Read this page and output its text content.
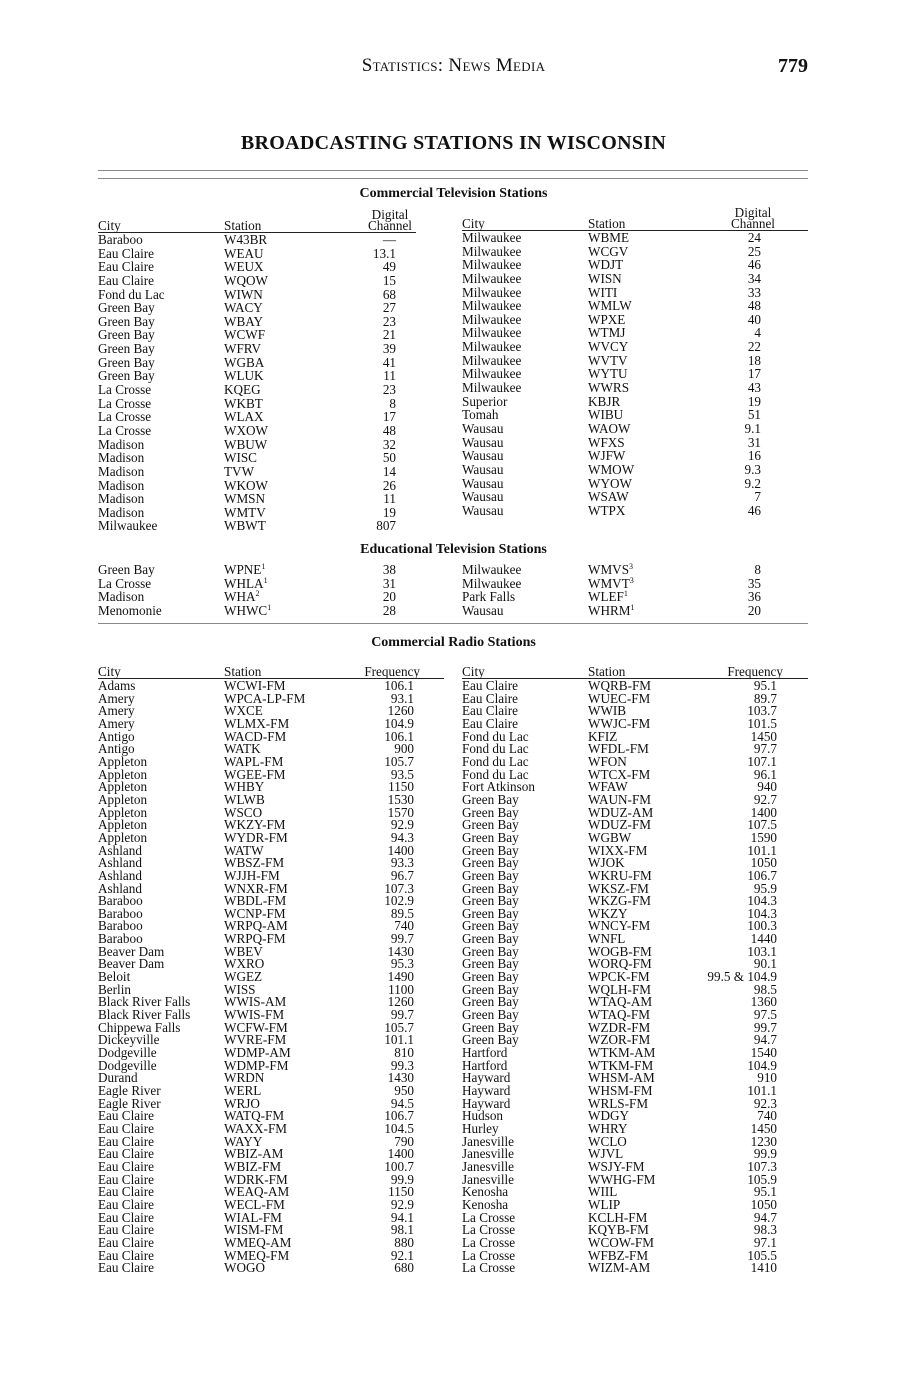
Statistics: News Media	779
BROADCASTING STATIONS IN WISCONSIN
Commercial Television Stations
City	Station
Digital
Channel	City	Station
Digital
Channel
Baraboo	W43BR	—
Eau Claire	WEAU	13.1
Eau Claire	WEUX	49
Eau Claire	WQOW	15
Fond du Lac	WIWN	68
Green Bay	WACY	27
Green Bay	WBAY	23
Green Bay	WCWF	21
Green Bay	WFRV	39
Green Bay	WGBA	41
Green Bay	WLUK	11
La Crosse	KQEG	23
La Crosse	WKBT	8
La Crosse	WLAX	17
La Crosse	WXOW	48
Madison	WBUW	32
Madison	WISC	50
Madison	TVW	14
Madison	WKOW	26
Madison	WMSN	11
Madison	WMTV	19
Milwaukee	WBWT	807
Milwaukee	WBME	24
Milwaukee	WCGV	25
Milwaukee	WDJT	46
Milwaukee	WISN	34
Milwaukee	WITI	33
Milwaukee	WMLW	48
Milwaukee	WPXE	40
Milwaukee	WTMJ	4
Milwaukee	WVCY	22
Milwaukee	WVTV	18
Milwaukee	WYTU	17
Milwaukee	WWRS	43
Superior	KBJR	19
Tomah	WIBU	51
Wausau	WAOW	9.1
Wausau	WFXS	31
Wausau	WJFW	16
Wausau	WMOW	9.3
Wausau	WYOW	9.2
Wausau	WSAW	7
Wausau	WTPX	46
Educational Television Stations
Green Bay	WPNE$^1$	38
La Crosse	WHLA$^1$	31
Madison	WHA$^2$	20
Menomonie	WHWC$^1$	28
Milwaukee	WMVS$^3$	8
Milwaukee	WMVT$^3$	35
Park Falls	WLEF$^1$	36
Wausau	WHRM$^1$	20
Commercial Radio Stations
City	Station	Frequency	City	Station	Frequency
Adams	WCWI-FM	106.1
Amery	WPCA-LP-FM	93.1
Amery	WXCE	1260
Amery	WLMX-FM	104.9
Antigo	WACD-FM	106.1
Antigo	WATK	900
Appleton	WAPL-FM	105.7
Appleton	WGEE-FM	93.5
Appleton	WHBY	1150
Appleton	WLWB	1530
Appleton	WSCO	1570
Appleton	WKZY-FM	92.9
Appleton	WYDR-FM	94.3
Ashland	WATW	1400
Ashland	WBSZ-FM	93.3
Ashland	WJJH-FM	96.7
Ashland	WNXR-FM	107.3
Baraboo	WBDL-FM	102.9
Baraboo	WCNP-FM	89.5
Baraboo	WRPQ-AM	740
Baraboo	WRPQ-FM	99.7
Beaver Dam	WBEV	1430
Beaver Dam	WXRO	95.3
Beloit	WGEZ	1490
Berlin	WISS	1100
Black River Falls	WWIS-AM	1260
Black River Falls	WWIS-FM	99.7
Chippewa Falls	WCFW-FM	105.7
Dickeyville	WVRE-FM	101.1
Dodgeville	WDMP-AM	810
Dodgeville	WDMP-FM	99.3
Durand	WRDN	1430
Eagle River	WERL	950
Eagle River	WRJO	94.5
Eau Claire	WATQ-FM	106.7
Eau Claire	WAXX-FM	104.5
Eau Claire	WAYY	790
Eau Claire	WBIZ-AM	1400
Eau Claire	WBIZ-FM	100.7
Eau Claire	WDRK-FM	99.9
Eau Claire	WEAQ-AM	1150
Eau Claire	WECL-FM	92.9
Eau Claire	WIAL-FM	94.1
Eau Claire	WISM-FM	98.1
Eau Claire	WMEQ-AM	880
Eau Claire	WMEQ-FM	92.1
Eau Claire	WOGO	680
Eau Claire	WQRB-FM	95.1
Eau Claire	WUEC-FM	89.7
Eau Claire	WWIB	103.7
Eau Claire	WWJC-FM	101.5
Fond du Lac	KFIZ	1450
Fond du Lac	WFDL-FM	97.7
Fond du Lac	WFON	107.1
Fond du Lac	WTCX-FM	96.1
Fort Atkinson	WFAW	940
Green Bay	WAUN-FM	92.7
Green Bay	WDUZ-AM	1400
Green Bay	WDUZ-FM	107.5
Green Bay	WGBW	1590
Green Bay	WIXX-FM	101.1
Green Bay	WJOK	1050
Green Bay	WKRU-FM	106.7
Green Bay	WKSZ-FM	95.9
Green Bay	WKZG-FM	104.3
Green Bay	WKZY	104.3
Green Bay	WNCY-FM	100.3
Green Bay	WNFL	1440
Green Bay	WOGB-FM	103.1
Green Bay	WORQ-FM	90.1
Green Bay	WPCK-FM	99.5 & 104.9
Green Bay	WQLH-FM	98.5
Green Bay	WTAQ-AM	1360
Green Bay	WTAQ-FM	97.5
Green Bay	WZDR-FM	99.7
Green Bay	WZOR-FM	94.7
Hartford	WTKM-AM	1540
Hartford	WTKM-FM	104.9
Hayward	WHSM-AM	910
Hayward	WHSM-FM	101.1
Hayward	WRLS-FM	92.3
Hudson	WDGY	740
Hurley	WHRY	1450
Janesville	WCLO	1230
Janesville	WJVL	99.9
Janesville	WSJY-FM	107.3
Janesville	WWHG-FM	105.9
Kenosha	WIIL	95.1
Kenosha	WLIP	1050
La Crosse	KCLH-FM	94.7
La Crosse	KQYB-FM	98.3
La Crosse	WCOW-FM	97.1
La Crosse	WFBZ-FM	105.5
La Crosse	WIZM-AM	1410
